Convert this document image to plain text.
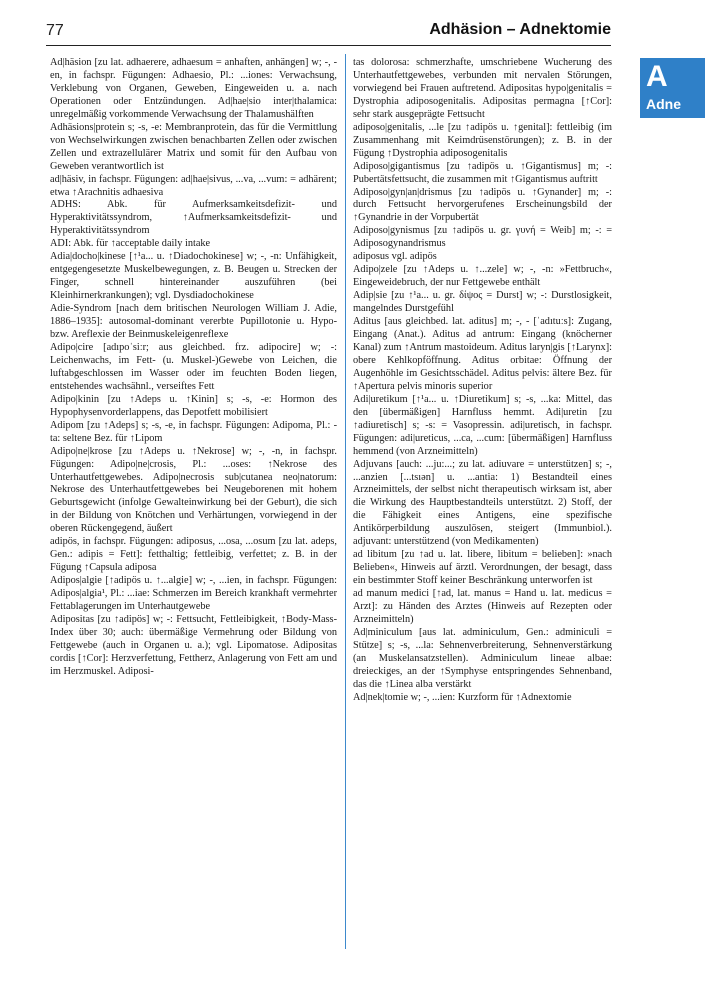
77	Adhäsion – Adnektomie
A
Adne

Ad|häsion [zu lat. adhaerere, adhaesum = anhaften, anhängen] w; -, -en, in fachspr. Fügungen: Adhaesio, Pl.: ...iones: Verwachsung, Verklebung von Organen, Geweben, Eingeweiden u. a. nach Operationen oder Entzündungen. Ad|hae|sio inter|thalamica: unregelmäßig vorkommende Verwachsung der Thalamushälften

Adhäsions|protein s; -s, -e: Membranprotein, das für die Vermittlung von Wechselwirkungen zwischen benachbarten Zellen oder zwischen Zellen und extrazellulärer Matrix und somit für den Aufbau von Geweben verantwortlich ist

ad|häsiv, in fachspr. Fügungen: ad|hae|sivus, ...va, ...vum: = adhärent; etwa ↑Arachnitis adhaesiva

ADHS: Abk. für Aufmerksamkeitsdefizit- und Hyperaktivitätssyndrom, ↑Aufmerksamkeitsdefizit- und Hyperaktivitätssyndrom

ADI: Abk. für ↑acceptable daily intake

Adia|docho|kinese [↑¹a... u. ↑Diadochokinese] w; -, -n: Unfähigkeit, entgegengesetzte Muskelbewegungen, z. B. Beugen u. Strecken der Finger, schnell hintereinander auszuführen (bei Kleinhirnerkrankungen); vgl. Dysdiadochokinese

Adie-Syndrom [nach dem britischen Neurologen William J. Adie, 1886–1935]: autosomal-dominant vererbte Pupillotonie u. Hypo- bzw. Areflexie der Beinmuskeleigenreflexe

Adipo|cire [adıpoˈsiːr; aus gleichbed. frz. adipocire] w; -: Leichenwachs, im Fett- (u. Muskel-)Gewebe von Leichen, die luftabgeschlossen im Wasser oder im feuchten Boden liegen, entstehendes wachsähnl., verseiftes Fett

Adipo|kinin [zu ↑Adeps u. ↑Kinin] s; -s, -e: Hormon des Hypophysenvorderlappens, das Depotfett mobilisiert

Adipom [zu ↑Adeps] s; -s, -e, in fachspr. Fügungen: Adipoma, Pl.: -ta: seltene Bez. für ↑Lipom

Adipo|ne|krose [zu ↑Adeps u. ↑Nekrose] w; -, -n, in fachspr. Fügungen: Adipo|ne|crosis, Pl.: ...oses: ↑Nekrose des Unterhautfettgewebes. Adipo|necrosis sub|cutanea neo|natorum: Nekrose des Unterhautfettgewebes bei Neugeborenen mit hohem Geburtsgewicht (infolge Gewalteinwirkung bei der Geburt), die sich in der Bildung von Knötchen und Verhärtungen, vorwiegend in der oberen Rückengegend, äußert

adipös, in fachspr. Fügungen: adiposus, ...osa, ...osum [zu lat. adeps, Gen.: adipis = Fett]: fetthaltig; fettleibig, verfettet; z. B. in der Fügung ↑Capsula adiposa

Adipos|algie [↑adipös u. ↑...algie] w; -, ...ien, in fachspr. Fügungen: Adipos|algia¹, Pl.: ...iae: Schmerzen im Bereich krankhaft vermehrter Fettablagerungen im Unterhautgewebe

Adipositas [zu ↑adipös] w; -: Fettsucht, Fettleibigkeit, ↑Body-Mass-Index über 30; auch: übermäßige Vermehrung oder Bildung von Fettgewebe (auch in Organen u. a.); vgl. Lipomatose. Adipositas cordis [↑Cor]: Herzverfettung, Fettherz, Anlagerung von Fett am und im Herzmuskel. Adiposi-

tas dolorosa: schmerzhafte, umschriebene Wucherung des Unterhautfettgewebes, verbunden mit nervalen Störungen, vorwiegend bei Frauen auftretend. Adipositas hypo|genitalis = Dystrophia adiposogenitalis. Adipositas permagna [↑Cor]: sehr stark ausgeprägte Fettsucht

adiposo|genitalis, ...le [zu ↑adipös u. ↑genital]: fettleibig (im Zusammenhang mit Keimdrüsenstörungen); z. B. in der Fügung ↑Dystrophia adiposogenitalis

Adiposo|gigantismus [zu ↑adipös u. ↑Gigantismus] m; -: Pubertätsfettsucht, die zusammen mit ↑Gigantismus auftritt

Adiposo|gyn|an|drismus [zu ↑adipös u. ↑Gynander] m; -: durch Fettsucht hervorgerufenes Erscheinungsbild der ↑Gynandrie in der Vorpubertät

Adiposo|gynismus [zu ↑adipös u. gr. γυνή = Weib] m; -: = Adiposogynandrismus

adiposus vgl. adipös

Adipo|zele [zu ↑Adeps u. ↑...zele] w; -, -n: »Fettbruch«, Eingeweidebruch, der nur Fettgewebe enthält

Adip|sie [zu ↑¹a... u. gr. δίψος = Durst] w; -: Durstlosigkeit, mangelndes Durstgefühl

Aditus [aus gleichbed. lat. aditus] m; -, - [ˈadıtuːs]: Zugang, Eingang (Anat.). Aditus ad antrum: Eingang (knöcherner Kanal) zum ↑Antrum mastoideum. Aditus laryn|gis [↑Larynx]: obere Kehlkopföffnung. Aditus orbitae: Öffnung der Augenhöhle im Gesichtsschädel. Aditus pelvis: ältere Bez. für ↑Apertura pelvis minoris superior

Adi|uretikum [↑¹a... u. ↑Diuretikum] s; -s, ...ka: Mittel, das den [übermäßigen] Harnfluss hemmt. Adi|uretin [zu ↑adiuretisch] s; -s: = Vasopressin. adi|uretisch, in fachspr. Fügungen: adi|ureticus, ...ca, ...cum: [übermäßigen] Harnfluss hemmend (von Arzneimitteln)

Adjuvans [auch: ...ju:...; zu lat. adiuvare = unterstützen] s; -, ...anzien [...tsıən] u. ...antia: 1) Bestandteil eines Arzneimittels, der selbst nicht therapeutisch wirksam ist, aber die Wirkung des Hauptbestandteils unterstützt. 2) Stoff, der die Fähigkeit eines Antigens, eine spezifische Antikörperbildung auszulösen, steigert (Immunbiol.). adjuvant: unterstützend (von Medikamenten)

ad libitum [zu ↑ad u. lat. libere, libitum = belieben]: »nach Belieben«, Hinweis auf ärztl. Verordnungen, der besagt, dass ein bestimmter Stoff keiner Beschränkung unterworfen ist

ad manum medici [↑ad, lat. manus = Hand u. lat. medicus = Arzt]: zu Händen des Arztes (Hinweis auf Rezepten oder Arzneimitteln)

Ad|miniculum [aus lat. adminiculum, Gen.: adminiculi = Stütze] s; -s, ...la: Sehnenverbreiterung, Sehnenverstärkung (an Muskelansatzstellen). Adminiculum lineae albae: dreieckiges, an der ↑Symphyse entspringendes Sehnenband, das die ↑Linea alba verstärkt

Ad|nek|tomie w; -, ...ien: Kurzform für ↑Adnextomie
